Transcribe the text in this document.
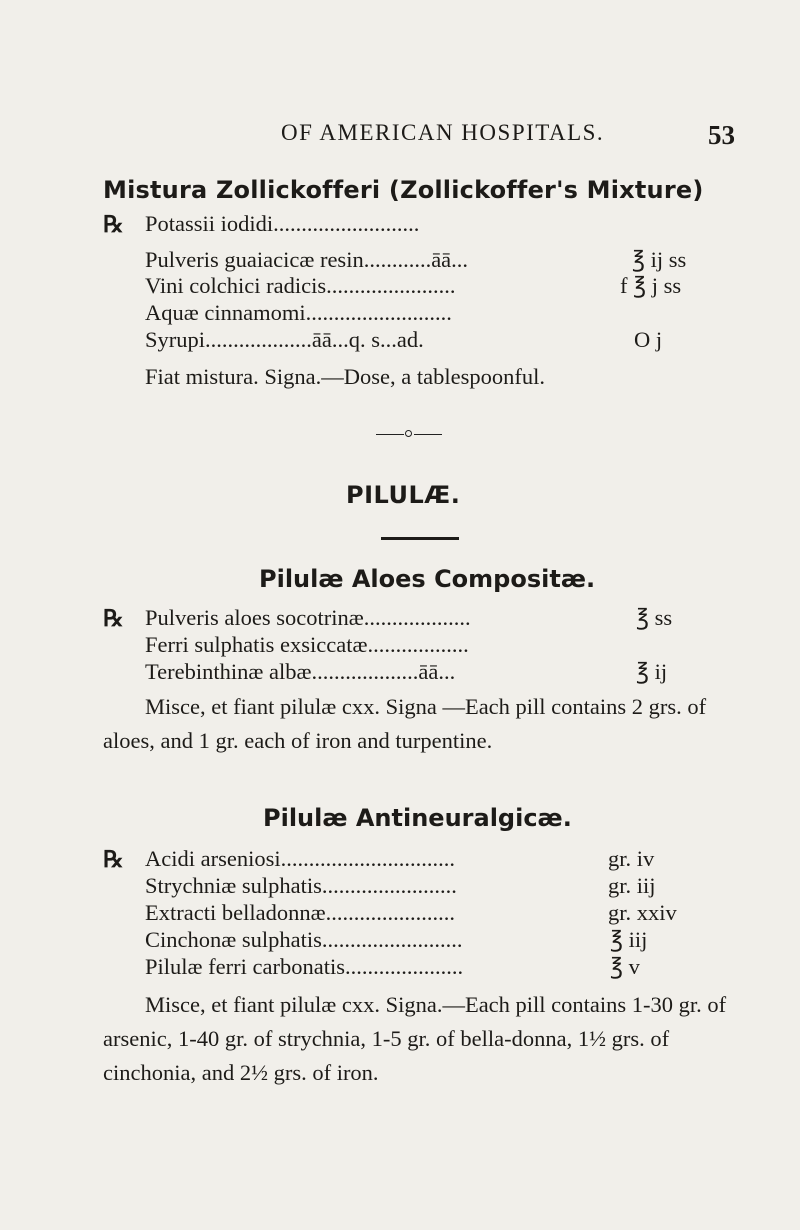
OF AMERICAN HOSPITALS.	53
Mistura Zollickofferi (Zollickoffer's Mixture)
℞ Potassii iodidi..........................
Pulveris guaiacicæ resin............āā...	℥ ij ss
Vini colchici radicis.......................	f ℥ j ss
Aquæ cinnamomi..........................
Syrupi...................āā...q. s...ad.	O j
Fiat mistura. Signa.—Dose, a tablespoonful.
PILULÆ.
Pilulæ Aloes Compositæ.
℞ Pulveris aloes socotrinæ...................	℥ ss
Ferri sulphatis exsiccatæ..................
Terebinthinæ albæ...................āā...	℥ ij
Misce, et fiant pilulæ cxx. Signa —Each pill contains 2 grs. of aloes, and 1 gr. each of iron and turpentine.
Pilulæ Antineuralgicæ.
℞ Acidi arseniosi...............................	gr. iv
Strychniæ sulphatis........................	gr. iij
Extracti belladonnæ.......................	gr. xxiv
Cinchonæ sulphatis.........................	℥ iij
Pilulæ ferri carbonatis.....................	℥ v
Misce, et fiant pilulæ cxx. Signa.—Each pill contains 1-30 gr. of arsenic, 1-40 gr. of strychnia, 1-5 gr. of bella-donna, 1½ grs. of cinchonia, and 2½ grs. of iron.
